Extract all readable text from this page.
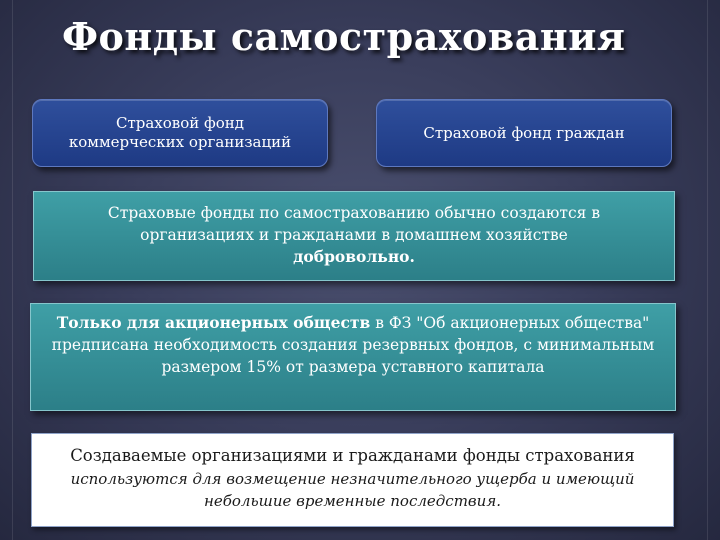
Фонды самострахования
Страховой фонд
коммерческих организаций
Страховой фонд граждан
Страховые фонды по самострахованию обычно создаются в организациях и гражданами в домашнем хозяйстве
добровольно.
Только для акционерных обществ в ФЗ "Об акционерных общества" предписана необходимость создания резервных фондов, с минимальным размером 15% от размера уставного капитала
Создаваемые организациями и гражданами фонды страхования
используются для возмещение незначительного ущерба и имеющий небольшие временные последствия.
